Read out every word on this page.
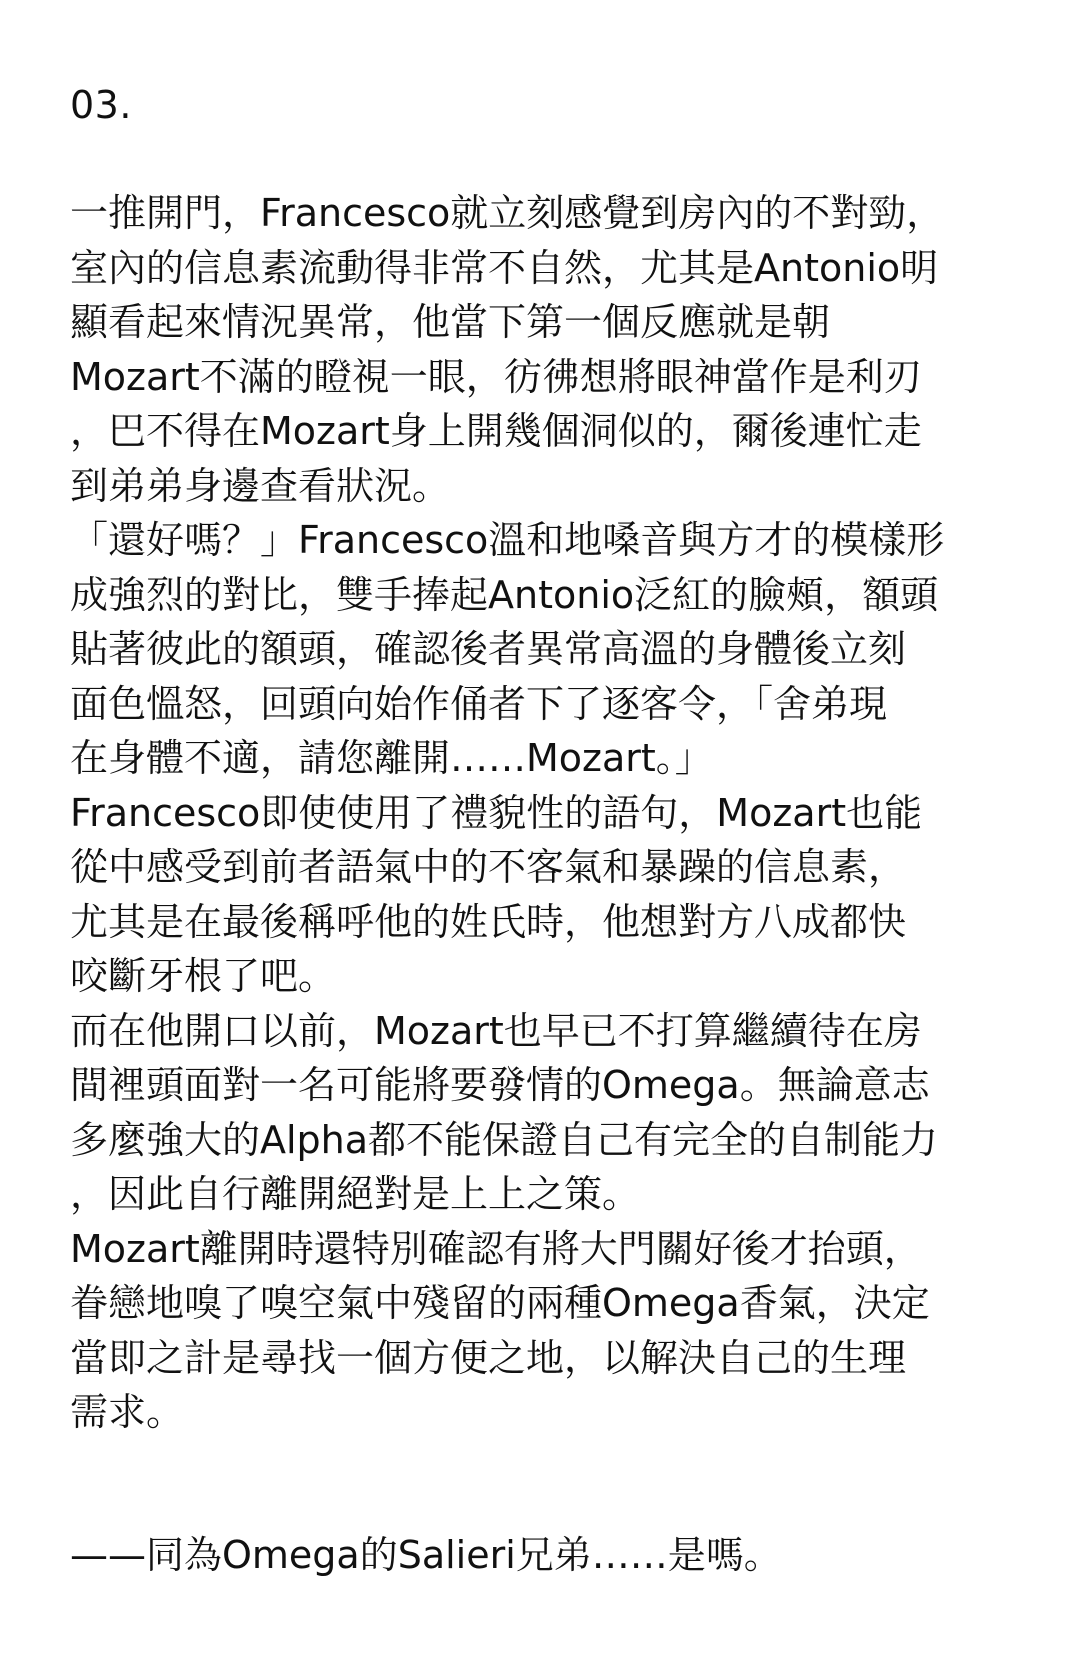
03.
一推開門，Francesco就立刻感覺到房內的不對勁，
室內的信息素流動得非常不自然，尤其是Antonio明
顯看起來情況異常，他當下第一個反應就是朝
Mozart不滿的瞪視一眼，彷彿想將眼神當作是利刃
，巴不得在Mozart身上開幾個洞似的，爾後連忙走
到弟弟身邊查看狀況。
「還好嗎？」Francesco溫和地嗓音與方才的模樣形
成強烈的對比，雙手捧起Antonio泛紅的臉頰，額頭
貼著彼此的額頭，確認後者異常高溫的身體後立刻
面色慍怒，回頭向始作俑者下了逐客令，「舍弟現
在身體不適，請您離開……Mozart。」
Francesco即使使用了禮貌性的語句，Mozart也能
從中感受到前者語氣中的不客氣和暴躁的信息素，
尤其是在最後稱呼他的姓氏時，他想對方八成都快
咬斷牙根了吧。
而在他開口以前，Mozart也早已不打算繼續待在房
間裡頭面對一名可能將要發情的Omega。無論意志
多麼強大的Alpha都不能保證自己有完全的自制能力
，因此自行離開絕對是上上之策。
Mozart離開時還特別確認有將大門關好後才抬頭，
眷戀地嗅了嗅空氣中殘留的兩種Omega香氣，決定
當即之計是尋找一個方便之地，以解決自己的生理
需求。
——同為Omega的Salieri兄弟……是嗎。
